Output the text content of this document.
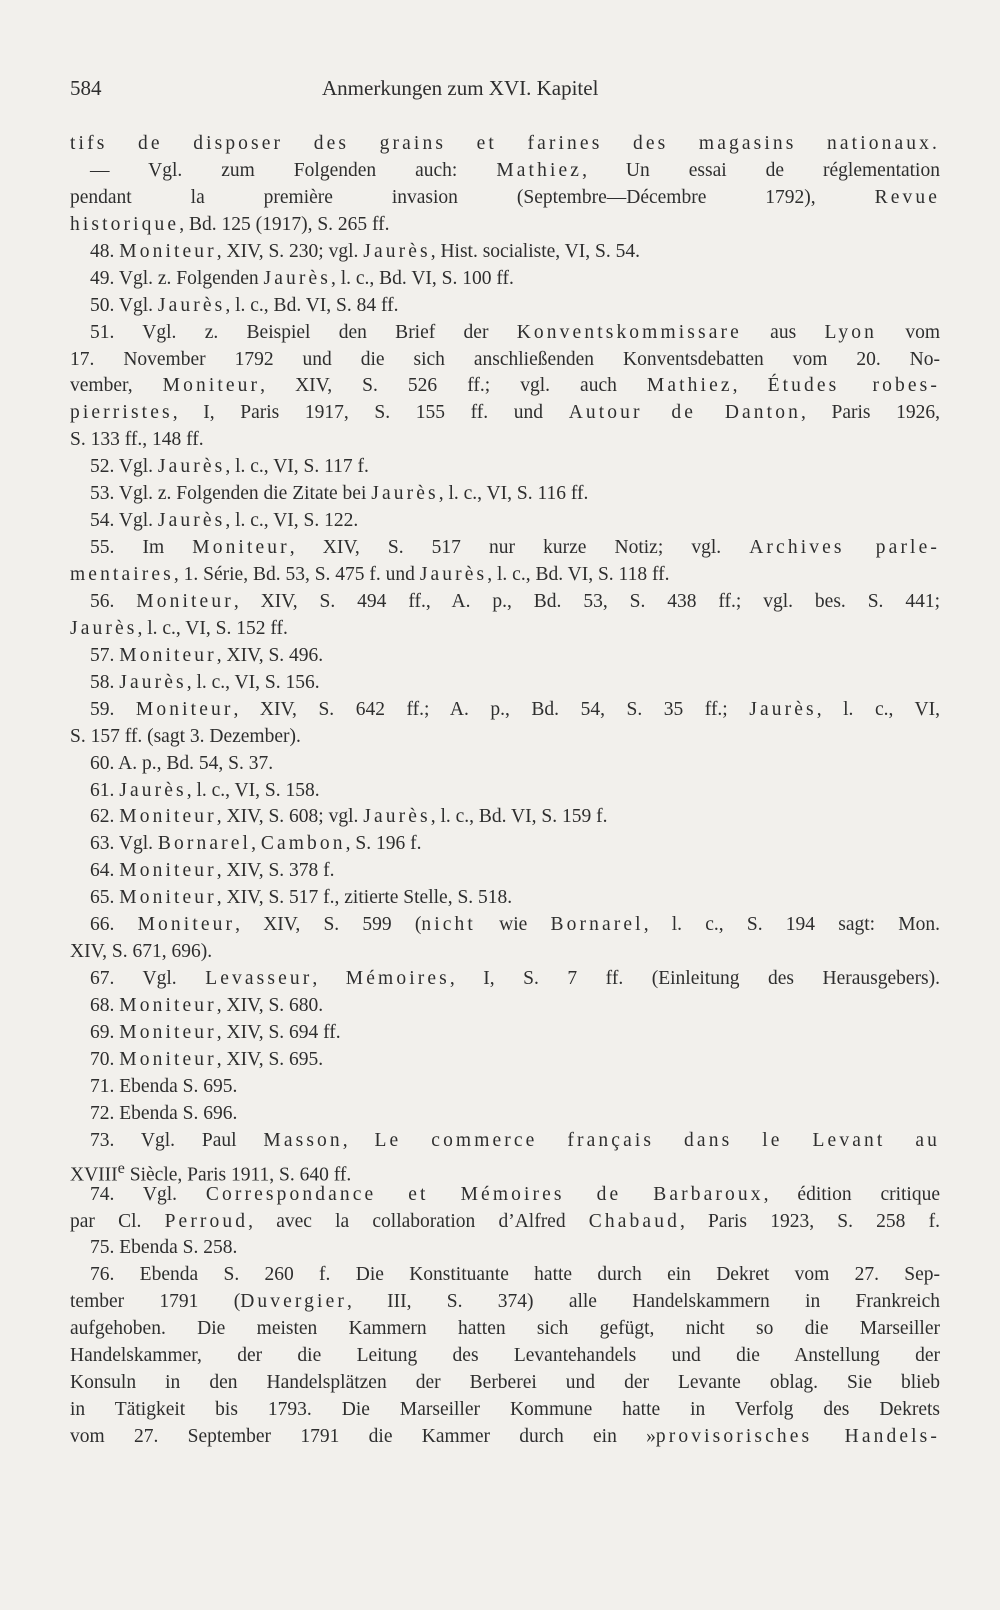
584	Anmerkungen zum XVI. Kapitel
tifs de disposer des grains et farines des magasins nationaux.
— Vgl. zum Folgenden auch: Mathiez, Un essai de réglementation
pendant la première invasion (Septembre—Décembre 1792), Revue
historique, Bd. 125 (1917), S. 265 ff.
48. Moniteur, XIV, S. 230; vgl. Jaurès, Hist. socialiste, VI, S. 54.
49. Vgl. z. Folgenden Jaurès, l. c., Bd. VI, S. 100 ff.
50. Vgl. Jaurès, l. c., Bd. VI, S. 84 ff.
51. Vgl. z. Beispiel den Brief der Konventskommissare aus Lyon vom
17. November 1792 und die sich anschließenden Konventsdebatten vom 20. No-
vember, Moniteur, XIV, S. 526 ff.; vgl. auch Mathiez, Études robes-
pierristes, I, Paris 1917, S. 155 ff. und Autour de Danton, Paris 1926,
S. 133 ff., 148 ff.
52. Vgl. Jaurès, l. c., VI, S. 117 f.
53. Vgl. z. Folgenden die Zitate bei Jaurès, l. c., VI, S. 116 ff.
54. Vgl. Jaurès, l. c., VI, S. 122.
55. Im Moniteur, XIV, S. 517 nur kurze Notiz; vgl. Archives parle-
mentaires, 1. Série, Bd. 53, S. 475 f. und Jaurès, l. c., Bd. VI, S. 118 ff.
56. Moniteur, XIV, S. 494 ff., A. p., Bd. 53, S. 438 ff.; vgl. bes. S. 441;
Jaurès, l. c., VI, S. 152 ff.
57. Moniteur, XIV, S. 496.
58. Jaurès, l. c., VI, S. 156.
59. Moniteur, XIV, S. 642 ff.; A. p., Bd. 54, S. 35 ff.; Jaurès, l. c., VI,
S. 157 ff. (sagt 3. Dezember).
60. A. p., Bd. 54, S. 37.
61. Jaurès, l. c., VI, S. 158.
62. Moniteur, XIV, S. 608; vgl. Jaurès, l. c., Bd. VI, S. 159 f.
63. Vgl. Bornarel, Cambon, S. 196 f.
64. Moniteur, XIV, S. 378 f.
65. Moniteur, XIV, S. 517 f., zitierte Stelle, S. 518.
66. Moniteur, XIV, S. 599 (nicht wie Bornarel, l. c., S. 194 sagt: Mon.
XIV, S. 671, 696).
67. Vgl. Levasseur, Mémoires, I, S. 7 ff. (Einleitung des Herausgebers).
68. Moniteur, XIV, S. 680.
69. Moniteur, XIV, S. 694 ff.
70. Moniteur, XIV, S. 695.
71. Ebenda S. 695.
72. Ebenda S. 696.
73. Vgl. Paul Masson, Le commerce français dans le Levant au
XVIIIe Siècle, Paris 1911, S. 640 ff.
74. Vgl. Correspondance et Mémoires de Barbaroux, édition critique
par Cl. Perroud, avec la collaboration d’Alfred Chabaud, Paris 1923, S. 258 f.
75. Ebenda S. 258.
76. Ebenda S. 260 f. Die Konstituante hatte durch ein Dekret vom 27. Sep-
tember 1791 (Duvergier, III, S. 374) alle Handelskammern in Frankreich
aufgehoben. Die meisten Kammern hatten sich gefügt, nicht so die Marseiller
Handelskammer, der die Leitung des Levantehandels und die Anstellung der
Konsuln in den Handelsplätzen der Berberei und der Levante oblag. Sie blieb
in Tätigkeit bis 1793. Die Marseiller Kommune hatte in Verfolg des Dekrets
vom 27. September 1791 die Kammer durch ein »provisorisches Handels-
